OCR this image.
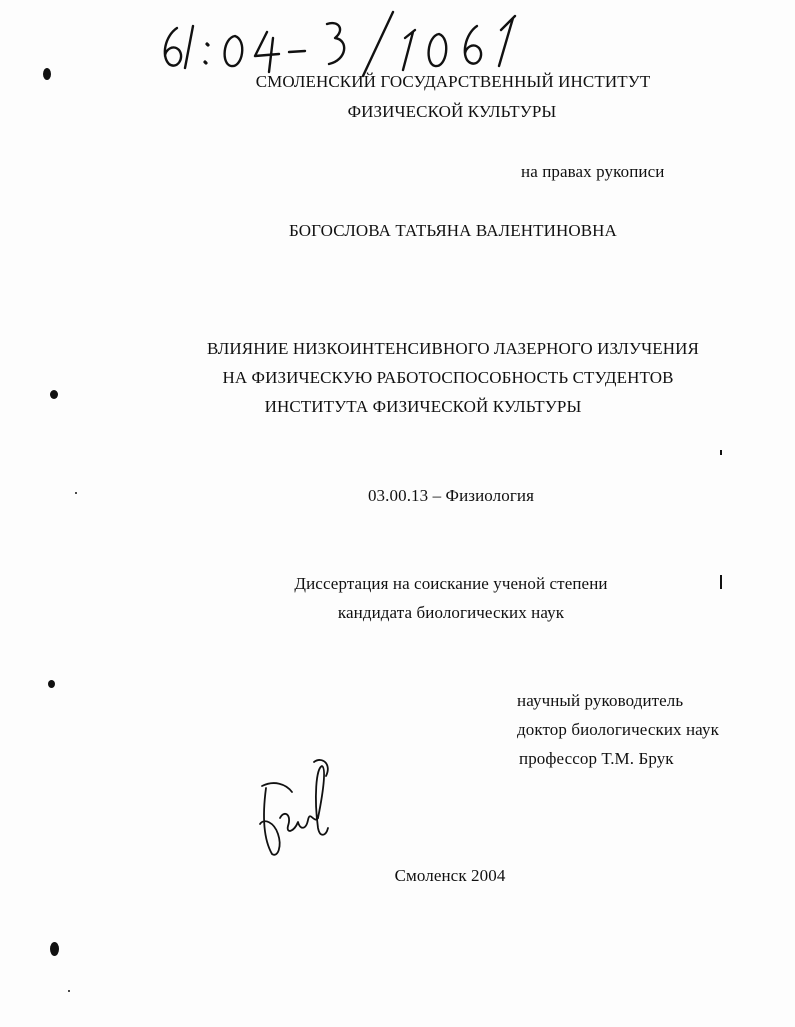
СМОЛЕНСКИЙ ГОСУДАРСТВЕННЫЙ ИНСТИТУТ
ФИЗИЧЕСКОЙ КУЛЬТУРЫ
на правах рукописи
БОГОСЛОВА ТАТЬЯНА ВАЛЕНТИНОВНА
ВЛИЯНИЕ НИЗКОИНТЕНСИВНОГО ЛАЗЕРНОГО ИЗЛУЧЕНИЯ
НА ФИЗИЧЕСКУЮ РАБОТОСПОСОБНОСТЬ СТУДЕНТОВ
ИНСТИТУТА ФИЗИЧЕСКОЙ КУЛЬТУРЫ
03.00.13 – Физиология
Диссертация на соискание ученой степени
кандидата биологических наук
научный руководитель
доктор биологических наук
профессор Т.М. Брук
Смоленск 2004
